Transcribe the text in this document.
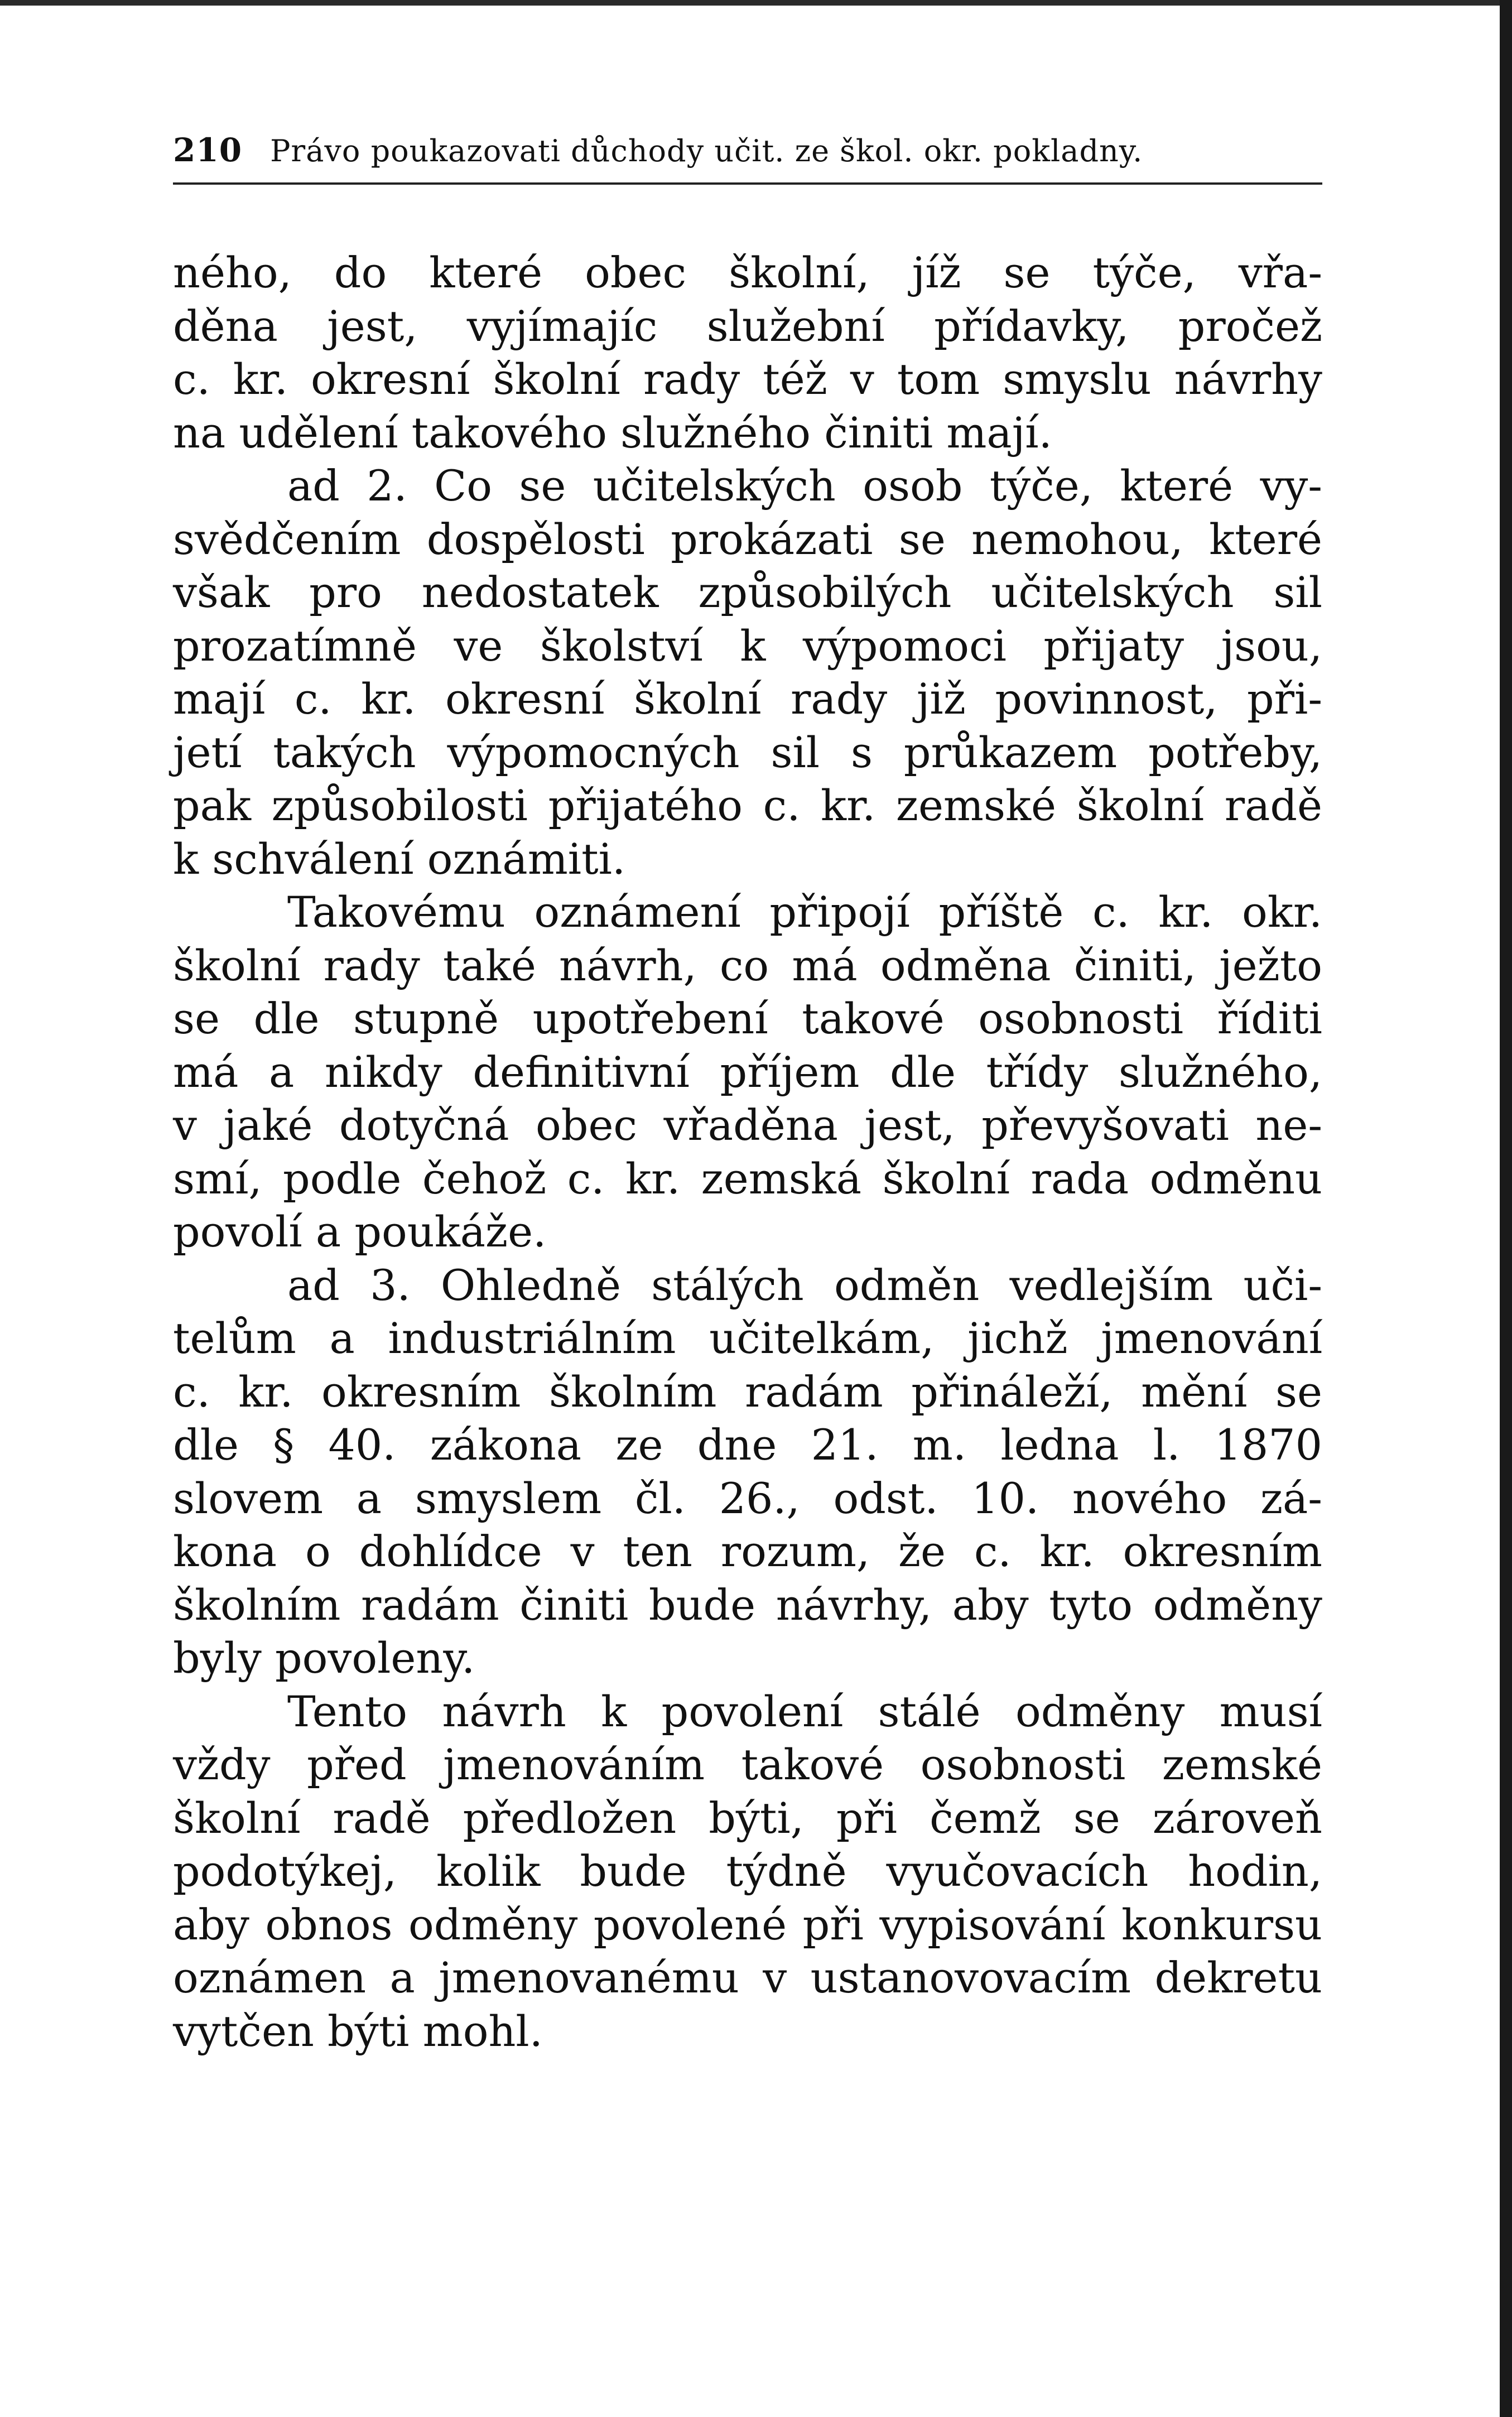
210 Právo poukazovati důchody učit. ze škol. okr. pokladny.
ného, do které obec školní, jíž se týče, vřa-
děna jest, vyjímajíc služební přídavky, pročež
c. kr. okresní školní rady též v tom smyslu návrhy
na udělení takového služného činiti mají.
ad 2. Co se učitelských osob týče, které vy-
svědčením dospělosti prokázati se nemohou, které
však pro nedostatek způsobilých učitelských sil
prozatímně ve školství k výpomoci přijaty jsou,
mají c. kr. okresní školní rady již povinnost, při-
jetí takých výpomocných sil s průkazem potřeby,
pak způsobilosti přijatého c. kr. zemské školní radě
k schválení oznámiti.
Takovému oznámení připojí příště c. kr. okr.
školní rady také návrh, co má odměna činiti, ježto
se dle stupně upotřebení takové osobnosti říditi
má a nikdy definitivní příjem dle třídy služného,
v jaké dotyčná obec vřaděna jest, převyšovati ne-
smí, podle čehož c. kr. zemská školní rada odměnu
povolí a poukáže.
ad 3. Ohledně stálých odměn vedlejším uči-
telům a industriálním učitelkám, jichž jmenování
c. kr. okresním školním radám přináleží, mění se
dle § 40. zákona ze dne 21. m. ledna l. 1870
slovem a smyslem čl. 26., odst. 10. nového zá-
kona o dohlídce v ten rozum, že c. kr. okresním
školním radám činiti bude návrhy, aby tyto odměny
byly povoleny.
Tento návrh k povolení stálé odměny musí
vždy před jmenováním takové osobnosti zemské
školní radě předložen býti, při čemž se zároveň
podotýkej, kolik bude týdně vyučovacích hodin,
aby obnos odměny povolené při vypisování konkursu
oznámen a jmenovanému v ustanovovacím dekretu
vytčen býti mohl.
